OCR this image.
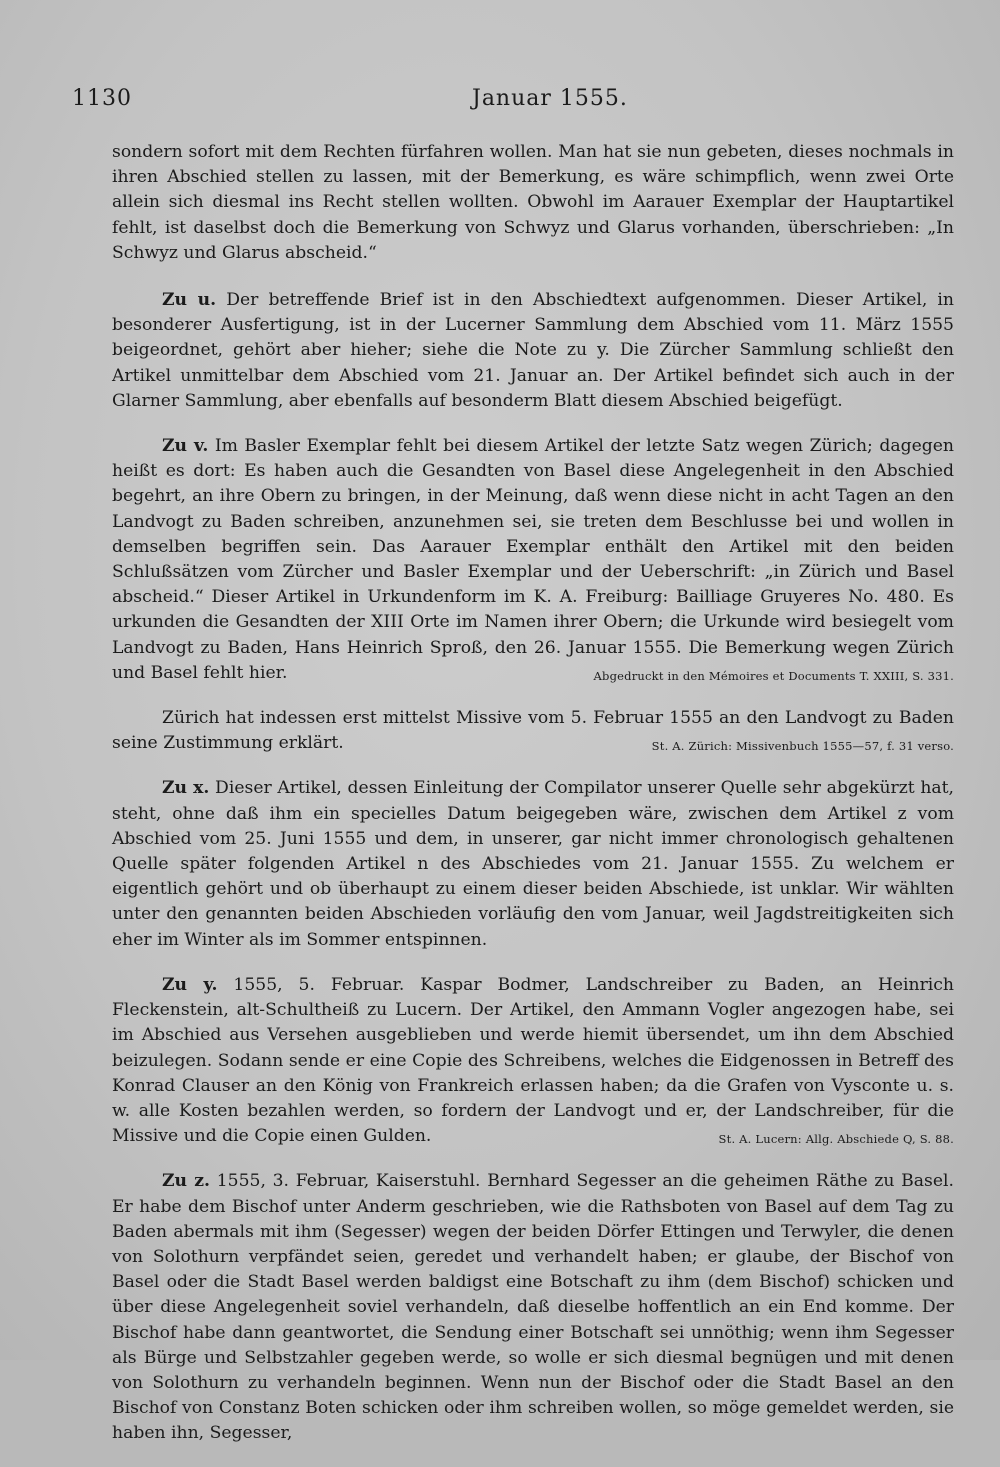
1130	Januar 1555.

sondern sofort mit dem Rechten fürfahren wollen. Man hat sie nun gebeten, dieses nochmals in ihren Abschied stellen zu lassen, mit der Bemerkung, es wäre schimpflich, wenn zwei Orte allein sich diesmal ins Recht stellen wollten. Obwohl im Aarauer Exemplar der Hauptartikel fehlt, ist daselbst doch die Bemerkung von Schwyz und Glarus vorhanden, überschrieben: „In Schwyz und Glarus abscheid.“

Zu u. Der betreffende Brief ist in den Abschiedtext aufgenommen. Dieser Artikel, in besonderer Ausfertigung, ist in der Lucerner Sammlung dem Abschied vom 11. März 1555 beigeordnet, gehört aber hieher; siehe die Note zu y. Die Zürcher Sammlung schließt den Artikel unmittelbar dem Abschied vom 21. Januar an. Der Artikel befindet sich auch in der Glarner Sammlung, aber ebenfalls auf besonderm Blatt diesem Abschied beigefügt.

Zu v. Im Basler Exemplar fehlt bei diesem Artikel der letzte Satz wegen Zürich; dagegen heißt es dort: Es haben auch die Gesandten von Basel diese Angelegenheit in den Abschied begehrt, an ihre Obern zu bringen, in der Meinung, daß wenn diese nicht in acht Tagen an den Landvogt zu Baden schreiben, anzunehmen sei, sie treten dem Beschlusse bei und wollen in demselben begriffen sein. Das Aarauer Exemplar enthält den Artikel mit den beiden Schlußsätzen vom Zürcher und Basler Exemplar und der Ueberschrift: „in Zürich und Basel abscheid.“ Dieser Artikel in Urkundenform im K. A. Freiburg: Bailliage Gruyeres No. 480. Es urkunden die Gesandten der XIII Orte im Namen ihrer Obern; die Urkunde wird besiegelt vom Landvogt zu Baden, Hans Heinrich Sproß, den 26. Januar 1555. Die Bemerkung wegen Zürich und Basel fehlt hier.	Abgedruckt in den Mémoires et Documents T. XXIII, S. 331.

Zürich hat indessen erst mittelst Missive vom 5. Februar 1555 an den Landvogt zu Baden seine Zustimmung erklärt.	St. A. Zürich: Missivenbuch 1555—57, f. 31 verso.

Zu x. Dieser Artikel, dessen Einleitung der Compilator unserer Quelle sehr abgekürzt hat, steht, ohne daß ihm ein specielles Datum beigegeben wäre, zwischen dem Artikel z vom Abschied vom 25. Juni 1555 und dem, in unserer, gar nicht immer chronologisch gehaltenen Quelle später folgenden Artikel n des Abschiedes vom 21. Januar 1555. Zu welchem er eigentlich gehört und ob überhaupt zu einem dieser beiden Abschiede, ist unklar. Wir wählten unter den genannten beiden Abschieden vorläufig den vom Januar, weil Jagdstreitigkeiten sich eher im Winter als im Sommer entspinnen.

Zu y. 1555, 5. Februar. Kaspar Bodmer, Landschreiber zu Baden, an Heinrich Fleckenstein, alt-Schultheiß zu Lucern. Der Artikel, den Ammann Vogler angezogen habe, sei im Abschied aus Versehen ausgeblieben und werde hiemit übersendet, um ihn dem Abschied beizulegen. Sodann sende er eine Copie des Schreibens, welches die Eidgenossen in Betreff des Konrad Clauser an den König von Frankreich erlassen haben; da die Grafen von Vysconte u. s. w. alle Kosten bezahlen werden, so fordern der Landvogt und er, der Landschreiber, für die Missive und die Copie einen Gulden.	St. A. Lucern: Allg. Abschiede Q, S. 88.

Zu z. 1555, 3. Februar, Kaiserstuhl. Bernhard Segesser an die geheimen Räthe zu Basel. Er habe dem Bischof unter Anderm geschrieben, wie die Rathsboten von Basel auf dem Tag zu Baden abermals mit ihm (Segesser) wegen der beiden Dörfer Ettingen und Terwyler, die denen von Solothurn verpfändet seien, geredet und verhandelt haben; er glaube, der Bischof von Basel oder die Stadt Basel werden baldigst eine Botschaft zu ihm (dem Bischof) schicken und über diese Angelegenheit soviel verhandeln, daß dieselbe hoffentlich an ein End komme. Der Bischof habe dann geantwortet, die Sendung einer Botschaft sei unnöthig; wenn ihm Segesser als Bürge und Selbstzahler gegeben werde, so wolle er sich diesmal begnügen und mit denen von Solothurn zu verhandeln beginnen. Wenn nun der Bischof oder die Stadt Basel an den Bischof von Constanz Boten schicken oder ihm schreiben wollen, so möge gemeldet werden, sie haben ihn, Segesser,
